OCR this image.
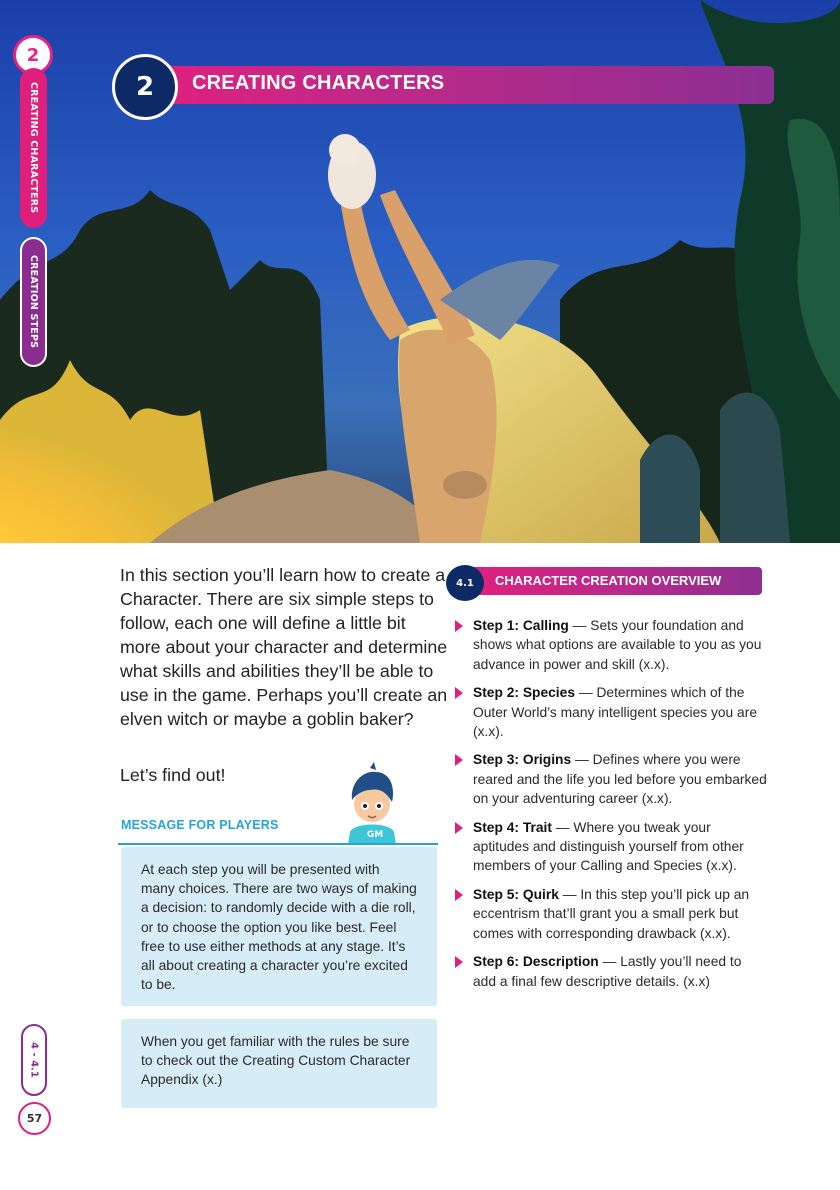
2
CREATING CHARACTERS
CREATION STEPS
4 - 4.1
57
CREATING CHARACTERS
2

In this section you’ll learn how to create a Character. There are six simple steps to follow, each one will define a little bit more about your character and determine what skills and abilities they’ll be able to use in the game. Perhaps you’ll create an elven witch or maybe a goblin baker?

Let’s find out!

GM
MESSAGE FOR PLAYERS

At each step you will be presented with many choices. There are two ways of making a decision: to randomly decide with a die roll, or to choose the option you like best. Feel free to use either methods at any stage. It’s all about creating a character you’re excited to be.

When you get familiar with the rules be sure to check out the Creating Custom Character Appendix (x.)

CHARACTER CREATION OVERVIEW
4.1
Step 1: Calling — Sets your foundation and shows what options are available to you as you advance in power and skill (x.x).
Step 2: Species — Determines which of the Outer World’s many intelligent species you are (x.x).
Step 3: Origins — Defines where you were reared and the life you led before you embarked on your adventuring career (x.x).
Step 4: Trait — Where you tweak your aptitudes and distinguish yourself from other members of your Calling and Species (x.x).
Step 5: Quirk — In this step you’ll pick up an eccentrism that’ll grant you a small perk but comes with corresponding drawback (x.x).
Step 6: Description — Lastly you’ll need to add a final few descriptive details. (x.x)
